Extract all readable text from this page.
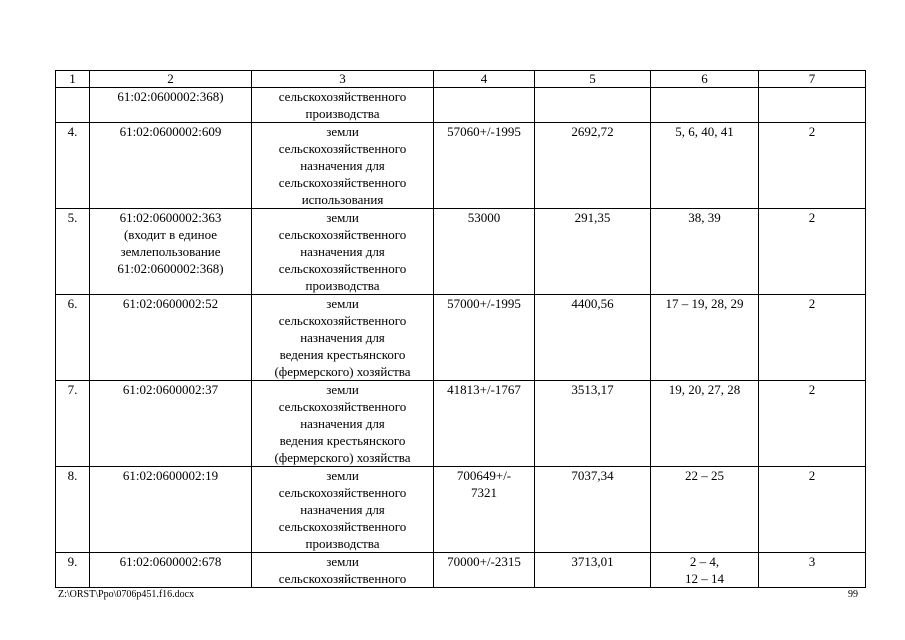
1	2	3	4	5	6	7

	61:02:0600002:368)	сельскохозяйственного
производства				

4.	61:02:0600002:609	земли
сельскохозяйственного
назначения для
сельскохозяйственного
использования	57060+/-1995	2692,72	5, 6, 40, 41	2
5.	61:02:0600002:363
(входит в единое
землепользование
61:02:0600002:368)	земли
сельскохозяйственного
назначения для
сельскохозяйственного
производства	53000	291,35	38, 39	2
6.	61:02:0600002:52	земли
сельскохозяйственного
назначения для
ведения крестьянского
(фермерского) хозяйства	57000+/-1995	4400,56	17 – 19, 28, 29	2
7.	61:02:0600002:37	земли
сельскохозяйственного
назначения для
ведения крестьянского
(фермерского) хозяйства	41813+/-1767	3513,17	19, 20, 27, 28	2
8.	61:02:0600002:19	земли
сельскохозяйственного
назначения для
сельскохозяйственного
производства	700649+/-
7321	7037,34	22 – 25	2
9.	61:02:0600002:678	земли
сельскохозяйственного	70000+/-2315	3713,01	2 – 4,
12 – 14	3
Z:\ORST\Ppo\0706p451.f16.docx	99
